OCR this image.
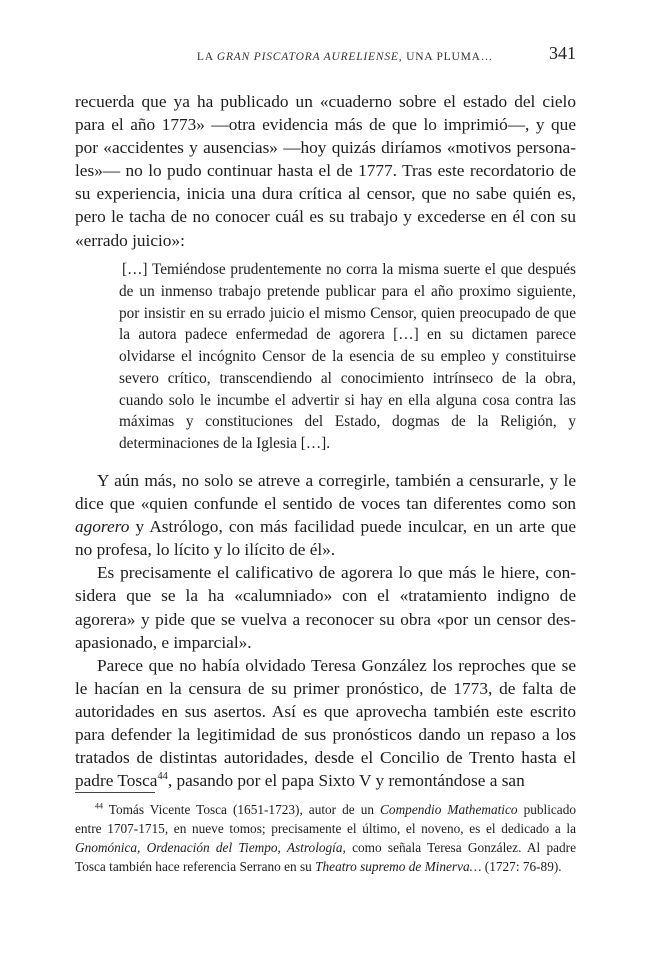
LA GRAN PISCATORA AURELIENSE, UNA PLUMA…	341

recuerda que ya ha publicado un «cuaderno sobre el estado del cielo para el año 1773» —otra evidencia más de que lo imprimió—, y que por «accidentes y ausencias» —hoy quizás diríamos «motivos personales»— no lo pudo continuar hasta el de 1777. Tras este recordatorio de su experiencia, inicia una dura crítica al censor, que no sabe quién es, pero le tacha de no conocer cuál es su trabajo y excederse en él con su «errado juicio»:

[…] Temiéndose prudentemente no corra la misma suerte el que después de un inmenso trabajo pretende publicar para el año proximo siguiente, por insistir en su errado juicio el mismo Censor, quien preocupado de que la autora padece enfermedad de agorera […] en su dictamen parece olvidarse el incógnito Censor de la esencia de su empleo y constituirse severo crítico, transcendiendo al conocimiento intrínseco de la obra, cuando solo le incumbe el advertir si hay en ella alguna cosa contra las máximas y constituciones del Estado, dogmas de la Religión, y determinaciones de la Iglesia […].

Y aún más, no solo se atreve a corregirle, también a censurarle, y le dice que «quien confunde el sentido de voces tan diferentes como son agorero y Astrólogo, con más facilidad puede inculcar, en un arte que no profesa, lo lícito y lo ilícito de él».

Es precisamente el calificativo de agorera lo que más le hiere, considera que se la ha «calumniado» con el «tratamiento indigno de agorera» y pide que se vuelva a reconocer su obra «por un censor desapasionado, e imparcial».

Parece que no había olvidado Teresa González los reproches que se le hacían en la censura de su primer pronóstico, de 1773, de falta de autoridades en sus asertos. Así es que aprovecha también este escrito para defender la legitimidad de sus pronósticos dando un repaso a los tratados de distintas autoridades, desde el Concilio de Trento hasta el padre Tosca$^{44}$, pasando por el papa Sixto V y remontándose a san

$^{44}$ Tomás Vicente Tosca (1651-1723), autor de un Compendio Mathematico publicado entre 1707-1715, en nueve tomos; precisamente el último, el noveno, es el dedicado a la Gnomónica, Ordenación del Tiempo, Astrología, como señala Teresa González. Al padre Tosca también hace referencia Serrano en su Theatro supremo de Minerva… (1727: 76-89).
